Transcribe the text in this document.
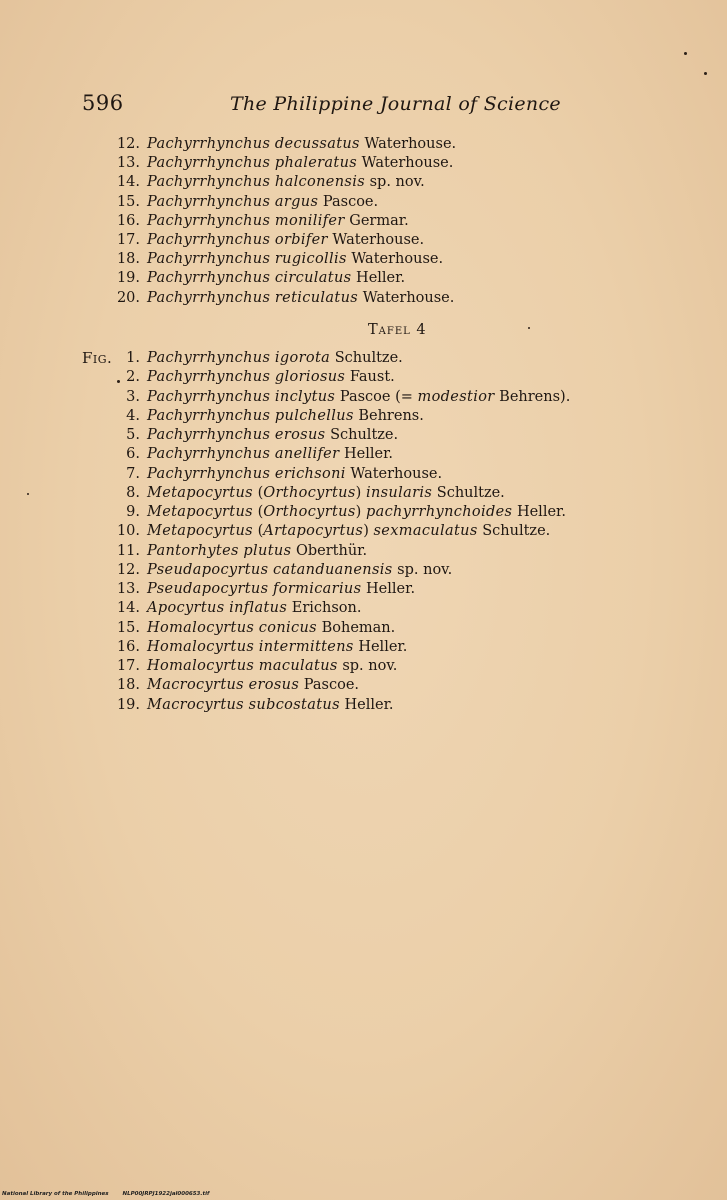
596	The Philippine Journal of Science
12. Pachyrrhynchus decussatus Waterhouse.
13. Pachyrrhynchus phaleratus Waterhouse.
14. Pachyrrhynchus halconensis sp. nov.
15. Pachyrrhynchus argus Pascoe.
16. Pachyrrhynchus monilifer Germar.
17. Pachyrrhynchus orbifer Waterhouse.
18. Pachyrrhynchus rugicollis Waterhouse.
19. Pachyrrhynchus circulatus Heller.
20. Pachyrrhynchus reticulatus Waterhouse.
Tafel 4
Fig. 1. Pachyrrhynchus igorota Schultze.
2. Pachyrrhynchus gloriosus Faust.
3. Pachyrrhynchus inclytus Pascoe (= modestior Behrens).
4. Pachyrrhynchus pulchellus Behrens.
5. Pachyrrhynchus erosus Schultze.
6. Pachyrrhynchus anellifer Heller.
7. Pachyrrhynchus erichsoni Waterhouse.
8. Metapocyrtus (Orthocyrtus) insularis Schultze.
9. Metapocyrtus (Orthocyrtus) pachyrrhynchoides Heller.
10. Metapocyrtus (Artapocyrtus) sexmaculatus Schultze.
11. Pantorhytes plutus Oberthür.
12. Pseudapocyrtus catanduanensis sp. nov.
13. Pseudapocyrtus formicarius Heller.
14. Apocyrtus inflatus Erichson.
15. Homalocyrtus conicus Boheman.
16. Homalocyrtus intermittens Heller.
17. Homalocyrtus maculatus sp. nov.
18. Macrocyrtus erosus Pascoe.
19. Macrocyrtus subcostatus Heller.
National Library of the Philippines	NLP00JRPJ1922jal000653.tif
